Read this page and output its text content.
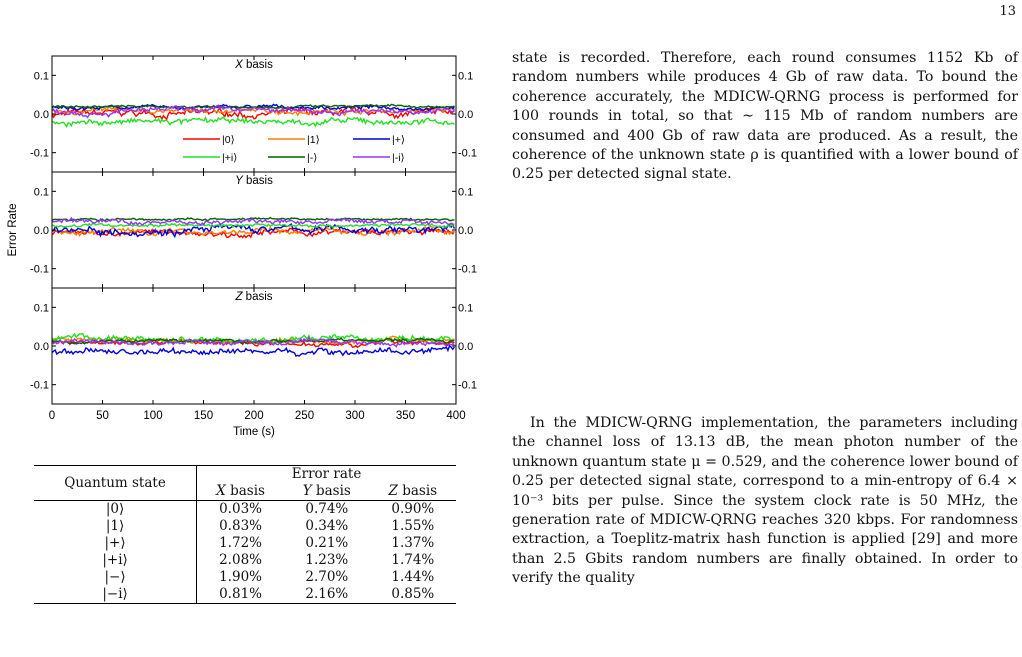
13
0.1	0.1
0.0	0.0
-0.1	-0.1
X basis
0.1	0.1
0.0	0.0
-0.1	-0.1
Y basis
0.1	0.1
0.0	0.0
-0.1	-0.1
Z basis
0	50	100	150	200	250	300	350	400
Time (s)
Error Rate
|0⟩	|1⟩	|+⟩
|+i⟩	|-⟩	|-i⟩
Quantum state	Error rate		
	X basis	Y basis	Z basis
|0⟩	0.03%	0.74%	0.90%
|1⟩	0.83%	0.34%	1.55%
|+⟩	1.72%	0.21%	1.37%
|+i⟩	2.08%	1.23%	1.74%
|−⟩	1.90%	2.70%	1.44%
|−i⟩	0.81%	2.16%	0.85%

state is recorded. Therefore, each round consumes 1152 Kb of random numbers while produces 4 Gb of raw data. To bound the coherence accurately, the MDICW-QRNG process is performed for 100 rounds in total, so that ∼ 115 Mb of random numbers are consumed and 400 Gb of raw data are produced. As a result, the coherence of the unknown state ρ is quantified with a lower bound of 0.25 per detected signal state.

In the MDICW-QRNG implementation, the parameters including the channel loss of 13.13 dB, the mean photon number of the unknown quantum state μ = 0.529, and the coherence lower bound of 0.25 per detected signal state, correspond to a min-entropy of 6.4 × 10⁻³ bits per pulse. Since the system clock rate is 50 MHz, the generation rate of MDICW-QRNG reaches 320 kbps. For randomness extraction, a Toeplitz-matrix hash function is applied [29] and more than 2.5 Gbits random numbers are finally obtained. In order to verify the quality
